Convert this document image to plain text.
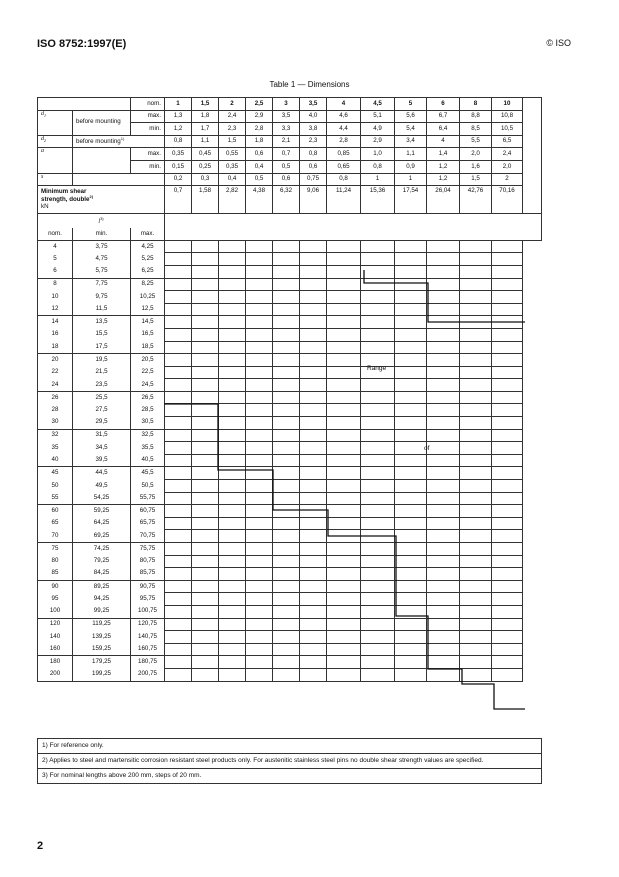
ISO 8752:1997(E)	© ISO
Table 1 — Dimensions
		nom.	1	1,5	2	2,5	3	3,5	4	4,5	5	6	8	10	
$d_1$	before mounting	max.	1,3	1,8	2,4	2,9	3,5	4,0	4,6	5,1	5,6	6,7	8,8	10,8	
		min.	1,2	1,7	2,3	2,8	3,3	3,8	4,4	4,9	5,4	6,4	8,5	10,5	
$d_2$	before mounting$^{1)}$		0,8	1,1	1,5	1,8	2,1	2,3	2,8	2,9	3,4	4	5,5	6,5	
a		max.	0,35	0,45	0,55	0,6	0,7	0,8	0,85	1,0	1,1	1,4	2,0	2,4	
		min.	0,15	0,25	0,35	0,4	0,5	0,6	0,65	0,8	0,9	1,2	1,6	2,0	
s			0,2	0,3	0,4	0,5	0,6	0,75	0,8	1	1	1,2	1,5	2	
Minimum shear
strength, double$^{2)}$
kN			0,7	1,58	2,82	4,38	6,32	9,06	11,24	15,36	17,54	26,04	42,76	70,16	
$l^{3)}$	
nom.	min.	max.													
4	3,75	4,25													
5	4,75	5,25													
6	5,75	6,25													
8	7,75	8,25													
10	9,75	10,25													
12	11,5	12,5													
14	13,5	14,5													
16	15,5	16,5													
18	17,5	18,5													
20	19,5	20,5													
22	21,5	22,5													
24	23,5	24,5													
26	25,5	26,5													
28	27,5	28,5													
30	29,5	30,5													
32	31,5	32,5													
35	34,5	35,5													
40	39,5	40,5													
45	44,5	45,5													
50	49,5	50,5													
55	54,25	55,75													
60	59,25	60,75													
65	64,25	65,75													
70	69,25	70,75													
75	74,25	75,75													
80	79,25	80,75													
85	84,25	85,75													
90	89,25	90,75													
95	94,25	95,75													
100	99,25	100,75													
120	119,25	120,75													
140	139,25	140,75													
160	159,25	160,75													
180	179,25	180,75													
200	199,25	200,75													
Range
of
1) For reference only.
2) Applies to steel and martensitic corrosion resistant steel products only. For austenitic stainless steel pins no double shear strength values are specified.
3) For nominal lengths above 200 mm, steps of 20 mm.
2
